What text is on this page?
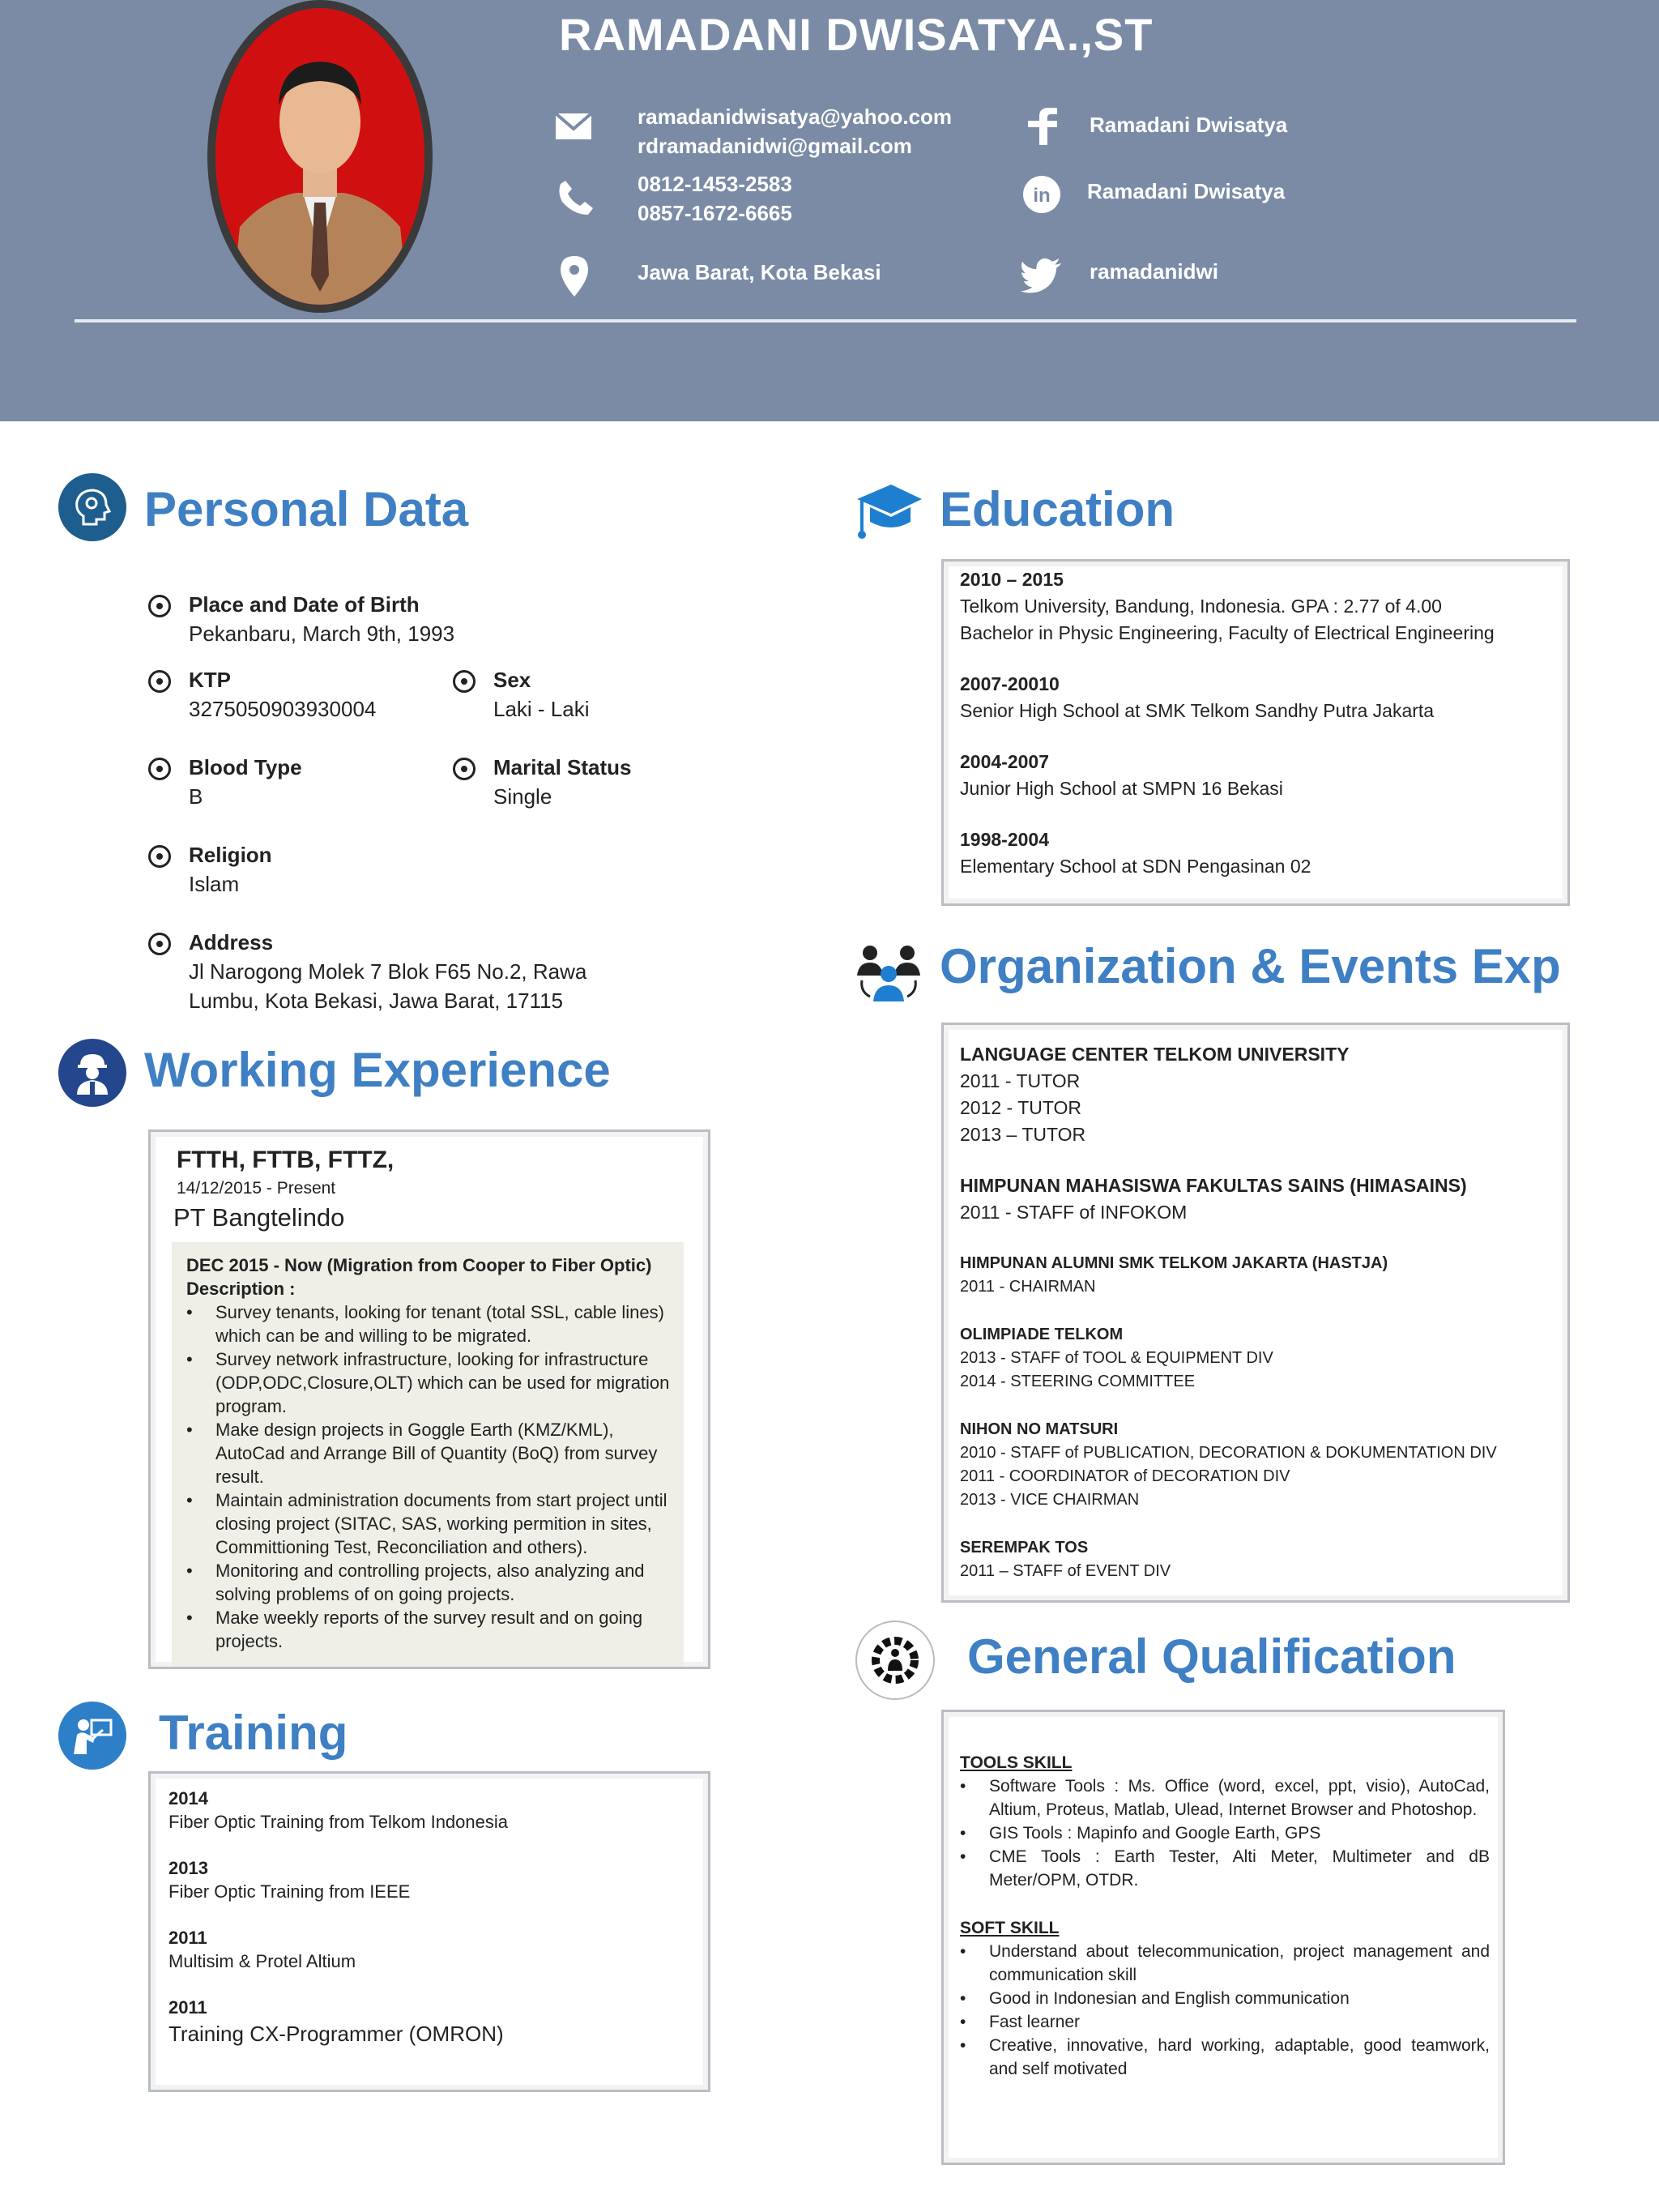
RAMADANI DWISATYA.,ST
ramadanidwisatya@yahoo.com
rdramadanidwi@gmail.com
0812-1453-2583
0857-1672-6665
Jawa Barat, Kota Bekasi
Ramadani Dwisatya
in Ramadani Dwisatya
ramadanidwi
Personal Data
Place and Date of Birth
Pekanbaru, March 9th, 1993
KTP
3275050903930004
Sex
Laki - Laki
Blood Type
B
Marital Status
Single
Religion
Islam
Address
Jl Narogong Molek 7 Blok F65 No.2, Rawa
Lumbu, Kota Bekasi, Jawa Barat, 17115
Working Experience
FTTH, FTTB, FTTZ,
14/12/2015 - Present
PT Bangtelindo
DEC 2015 - Now (Migration from Cooper to Fiber Optic)
Description :
• Survey tenants, looking for tenant (total SSL, cable lines) which can be and willing to be migrated.
• Survey network infrastructure, looking for infrastructure (ODP,ODC,Closure,OLT) which can be used for migration program.
• Make design projects in Goggle Earth (KMZ/KML), AutoCad and Arrange Bill of Quantity (BoQ) from survey result.
• Maintain administration documents from start project until closing project (SITAC, SAS, working permition in sites, Committioning Test, Reconciliation and others).
• Monitoring and controlling projects, also analyzing and solving problems of on going projects.
• Make weekly reports of the survey result and on going projects.
Training
2014
Fiber Optic Training from Telkom Indonesia
2013
Fiber Optic Training from IEEE
2011
Multisim & Protel Altium
2011
Training CX-Programmer (OMRON)
Education
2010 – 2015
Telkom University, Bandung, Indonesia. GPA : 2.77 of 4.00
Bachelor in Physic Engineering, Faculty of Electrical Engineering
2007-20010
Senior High School at SMK Telkom Sandhy Putra Jakarta
2004-2007
Junior High School at SMPN 16 Bekasi
1998-2004
Elementary School at SDN Pengasinan 02
Organization & Events Exp
LANGUAGE CENTER TELKOM UNIVERSITY
2011 - TUTOR
2012 - TUTOR
2013 – TUTOR
HIMPUNAN MAHASISWA FAKULTAS SAINS (HIMASAINS)
2011 - STAFF of INFOKOM
HIMPUNAN ALUMNI SMK TELKOM JAKARTA (HASTJA)
2011 - CHAIRMAN
OLIMPIADE TELKOM
2013 - STAFF of TOOL & EQUIPMENT DIV
2014 - STEERING COMMITTEE
NIHON NO MATSURI
2010 - STAFF of PUBLICATION, DECORATION & DOKUMENTATION DIV
2011 - COORDINATOR of DECORATION DIV
2013 - VICE CHAIRMAN
SEREMPAK TOS
2011 – STAFF of EVENT DIV
General Qualification
TOOLS SKILL
• Software Tools : Ms. Office (word, excel, ppt, visio), AutoCad, Altium, Proteus, Matlab, Ulead, Internet Browser and Photoshop.
• GIS Tools : Mapinfo and Google Earth, GPS
• CME Tools : Earth Tester, Alti Meter, Multimeter and dB Meter/OPM, OTDR.
SOFT SKILL
• Understand about telecommunication, project management and communication skill
• Good in Indonesian and English communication
• Fast learner
• Creative, innovative, hard working, adaptable, good teamwork, and self motivated
